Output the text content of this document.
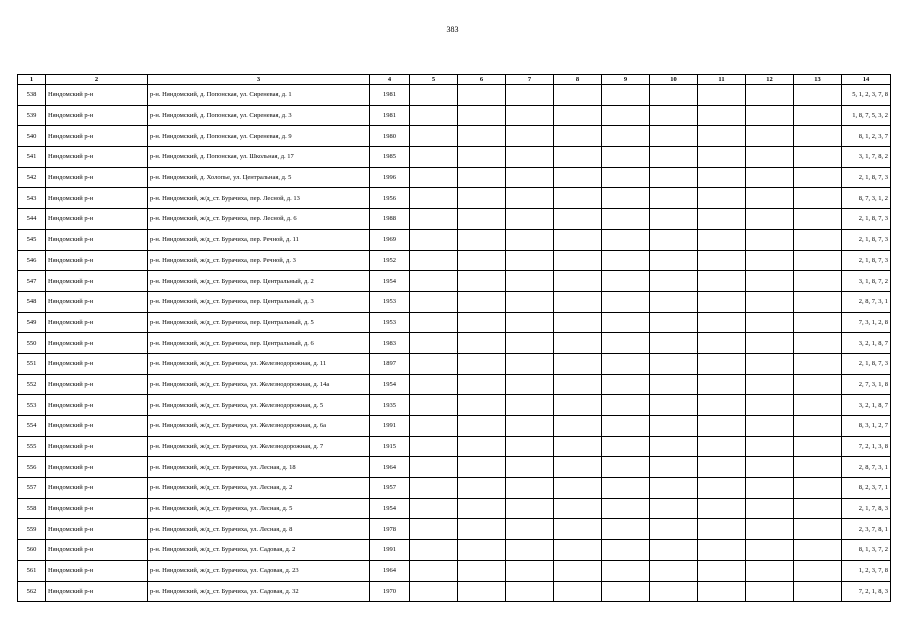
383
1	2	3	4	5	6	7	8	9	10	11	12	13	14
538	Няндомский р-н	р-н. Няндомский, д. Попонская, ул. Сиреневая, д. 1	1981										5, 1, 2, 3, 7, 8
539	Няндомский р-н	р-н. Няндомский, д. Попонская, ул. Сиреневая, д. 3	1981										1, 8, 7, 5, 3, 2
540	Няндомский р-н	р-н. Няндомский, д. Попонская, ул. Сиреневая, д. 9	1980										8, 1, 2, 3, 7
541	Няндомский р-н	р-н. Няндомский, д. Попонская, ул. Школьная, д. 17	1985										3, 1, 7, 8, 2
542	Няндомский р-н	р-н. Няндомский, д. Холопье, ул. Центральная, д. 5	1996										2, 1, 8, 7, 3
543	Няндомский р-н	р-н. Няндомский, ж/д_ст. Бурачиха, пер. Лесной, д. 13	1956										8, 7, 3, 1, 2
544	Няндомский р-н	р-н. Няндомский, ж/д_ст. Бурачиха, пер. Лесной, д. 6	1988										2, 1, 8, 7, 3
545	Няндомский р-н	р-н. Няндомский, ж/д_ст. Бурачиха, пер. Речной, д. 11	1969										2, 1, 8, 7, 3
546	Няндомский р-н	р-н. Няндомский, ж/д_ст. Бурачиха, пер. Речной, д. 3	1952										2, 1, 8, 7, 3
547	Няндомский р-н	р-н. Няндомский, ж/д_ст. Бурачиха, пер. Центральный, д. 2	1954										3, 1, 8, 7, 2
548	Няндомский р-н	р-н. Няндомский, ж/д_ст. Бурачиха, пер. Центральный, д. 3	1953										2, 8, 7, 3, 1
549	Няндомский р-н	р-н. Няндомский, ж/д_ст. Бурачиха, пер. Центральный, д. 5	1953										7, 3, 1, 2, 8
550	Няндомский р-н	р-н. Няндомский, ж/д_ст. Бурачиха, пер. Центральный, д. 6	1983										3, 2, 1, 8, 7
551	Няндомский р-н	р-н. Няндомский, ж/д_ст. Бурачиха, ул. Железнодорожная, д. 11	1897										2, 1, 8, 7, 3
552	Няндомский р-н	р-н. Няндомский, ж/д_ст. Бурачиха, ул. Железнодорожная, д. 14а	1954										2, 7, 3, 1, 8
553	Няндомский р-н	р-н. Няндомский, ж/д_ст. Бурачиха, ул. Железнодорожная, д. 5	1935										3, 2, 1, 8, 7
554	Няндомский р-н	р-н. Няндомский, ж/д_ст. Бурачиха, ул. Железнодорожная, д. 6а	1991										8, 3, 1, 2, 7
555	Няндомский р-н	р-н. Няндомский, ж/д_ст. Бурачиха, ул. Железнодорожная, д. 7	1915										7, 2, 1, 3, 8
556	Няндомский р-н	р-н. Няндомский, ж/д_ст. Бурачиха, ул. Лесная, д. 18	1964										2, 8, 7, 3, 1
557	Няндомский р-н	р-н. Няндомский, ж/д_ст. Бурачиха, ул. Лесная, д. 2	1957										8, 2, 3, 7, 1
558	Няндомский р-н	р-н. Няндомский, ж/д_ст. Бурачиха, ул. Лесная, д. 5	1954										2, 1, 7, 8, 3
559	Няндомский р-н	р-н. Няндомский, ж/д_ст. Бурачиха, ул. Лесная, д. 8	1978										2, 3, 7, 8, 1
560	Няндомский р-н	р-н. Няндомский, ж/д_ст. Бурачиха, ул. Садовая, д. 2	1991										8, 1, 3, 7, 2
561	Няндомский р-н	р-н. Няндомский, ж/д_ст. Бурачиха, ул. Садовая, д. 23	1964										1, 2, 3, 7, 8
562	Няндомский р-н	р-н. Няндомский, ж/д_ст. Бурачиха, ул. Садовая, д. 32	1970										7, 2, 1, 8, 3
